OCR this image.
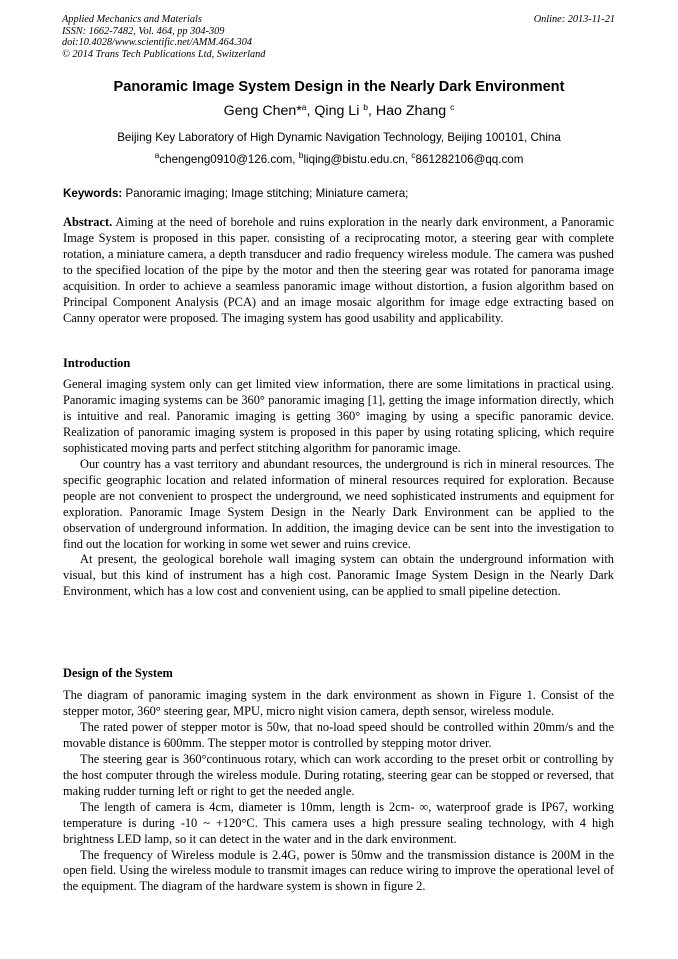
Applied Mechanics and Materials
ISSN: 1662-7482, Vol. 464, pp 304-309
doi:10.4028/www.scientific.net/AMM.464.304
© 2014 Trans Tech Publications Ltd, Switzerland
Online: 2013-11-21
Panoramic Image System Design in the Nearly Dark Environment
Geng Chen*$^a$, Qing Li $^b$, Hao Zhang $^c$
Beijing Key Laboratory of High Dynamic Navigation Technology, Beijing 100101, China
$^a$chengeng0910@126.com, $^b$liqing@bistu.edu.cn, $^c$861282106@qq.com
Keywords: Panoramic imaging; Image stitching; Miniature camera;

Abstract. Aiming at the need of borehole and ruins exploration in the nearly dark environment, a Panoramic Image System is proposed in this paper. consisting of a reciprocating motor, a steering gear with complete rotation, a miniature camera, a depth transducer and radio frequency wireless module. The camera was pushed to the specified location of the pipe by the motor and then the steering gear was rotated for panorama image acquisition. In order to achieve a seamless panoramic image without distortion, a fusion algorithm based on Principal Component Analysis (PCA) and an image mosaic algorithm for image edge extracting based on Canny operator were proposed. The imaging system has good usability and applicability.

Introduction

General imaging system only can get limited view information, there are some limitations in practical using. Panoramic imaging systems can be 360° panoramic imaging [1], getting the image information directly, which is intuitive and real. Panoramic imaging is getting 360° imaging by using a specific panoramic device. Realization of panoramic imaging system is proposed in this paper by using rotating splicing, which require sophisticated moving parts and perfect stitching algorithm for panoramic image.

Our country has a vast territory and abundant resources, the underground is rich in mineral resources. The specific geographic location and related information of mineral resources required for exploration. Because people are not convenient to prospect the underground, we need sophisticated instruments and equipment for exploration. Panoramic Image System Design in the Nearly Dark Environment can be applied to the observation of underground information. In addition, the imaging device can be sent into the investigation to find out the location for working in some wet sewer and ruins crevice.

At present, the geological borehole wall imaging system can obtain the underground information with visual, but this kind of instrument has a high cost. Panoramic Image System Design in the Nearly Dark Environment, which has a low cost and convenient using, can be applied to small pipeline detection.

Design of the System

The diagram of panoramic imaging system in the dark environment as shown in Figure 1. Consist of the stepper motor, 360° steering gear, MPU, micro night vision camera, depth sensor, wireless module.

The rated power of stepper motor is 50w, that no-load speed should be controlled within 20mm/s and the movable distance is 600mm. The stepper motor is controlled by stepping motor driver.

The steering gear is 360°continuous rotary, which can work according to the preset orbit or controlling by the host computer through the wireless module. During rotating, steering gear can be stopped or reversed, that making rudder turning left or right to get the needed angle.

The length of camera is 4cm, diameter is 10mm, length is 2cm- ∞, waterproof grade is IP67, working temperature is during -10 ~ +120°C. This camera uses a high pressure sealing technology, with 4 high brightness LED lamp, so it can detect in the water and in the dark environment.

The frequency of Wireless module is 2.4G, power is 50mw and the transmission distance is 200M in the open field. Using the wireless module to transmit images can reduce wiring to improve the operational level of the equipment. The diagram of the hardware system is shown in figure 2.
